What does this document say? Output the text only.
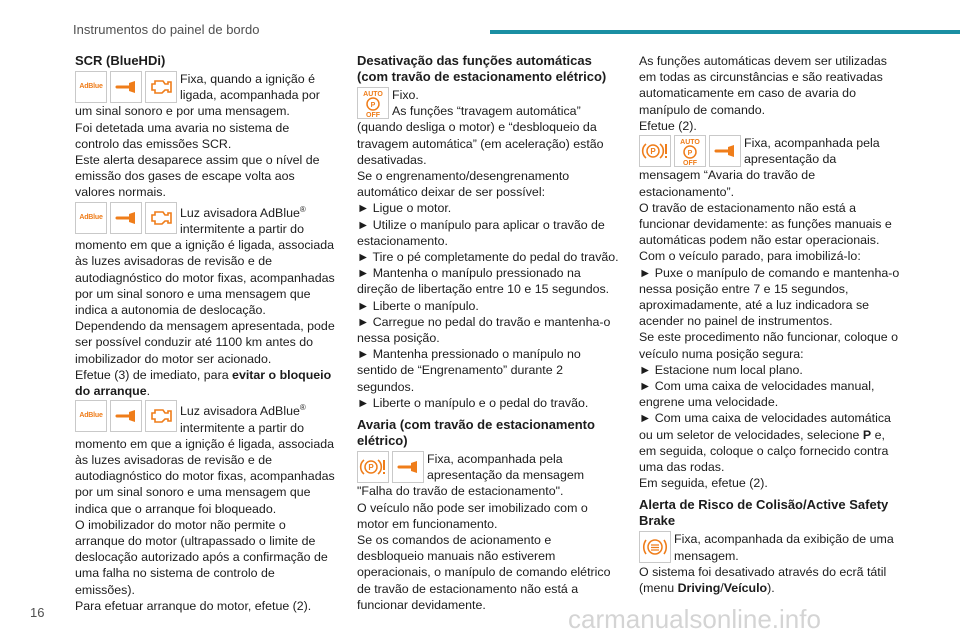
Instrumentos do painel de bordo
SCR (BlueHDi)
AdBlue
Fixa, quando a ignição é ligada, acompanhada por

um sinal sonoro e por uma mensagem.

Foi detetada uma avaria no sistema de controlo das emissões SCR.

Este alerta desaparece assim que o nível de emissão dos gases de escape volta aos valores normais.

AdBlue	Luz avisadora AdBlue® intermitente a partir do

momento em que a ignição é ligada, associada às luzes avisadoras de revisão e de autodiagnóstico do motor fixas, acompanhadas por um sinal sonoro e uma mensagem que indica a autonomia de deslocação.

Dependendo da mensagem apresentada, pode ser possível conduzir até 1100 km antes do imobilizador do motor ser acionado.

Efetue (3) de imediato, para evitar o bloqueio do arranque.

AdBlue	Luz avisadora AdBlue® intermitente a partir do

momento em que a ignição é ligada, associada às luzes avisadoras de revisão e de autodiagnóstico do motor fixas, acompanhadas por um sinal sonoro e uma mensagem que indica que o arranque foi bloqueado.

O imobilizador do motor não permite o arranque do motor (ultrapassado o limite de deslocação autorizado após a confirmação de uma falha no sistema de controlo de emissões).

Para efetuar arranque do motor, efetue (2).

Desativação das funções automáticas (com travão de estacionamento elétrico)
AUTO
P
OFF

Fixo.

As funções “travagem automática”

(quando desliga o motor) e “desbloqueio da travagem automática” (em aceleração) estão desativadas.

Se o engrenamento/desengrenamento automático deixar de ser possível:

► Ligue o motor.

► Utilize o manípulo para aplicar o travão de estacionamento.

► Tire o pé completamente do pedal do travão.

► Mantenha o manípulo pressionado na direção de libertação entre 10 e 15 segundos.

► Liberte o manípulo.

► Carregue no pedal do travão e mantenha-o nessa posição.

► Mantenha pressionado o manípulo no sentido de “Engrenamento” durante 2 segundos.

► Liberte o manípulo e o pedal do travão.

Avaria (com travão de estacionamento elétrico)
P
Fixa, acompanhada pela apresentação da mensagem

"Falha do travão de estacionamento".

O veículo não pode ser imobilizado com o motor em funcionamento.

Se os comandos de acionamento e desbloqueio manuais não estiverem operacionais, o manípulo de comando elétrico de travão de estacionamento não está a funcionar devidamente.

As funções automáticas devem ser utilizadas em todas as circunstâncias e são reativadas automaticamente em caso de avaria do manípulo de comando.

Efetue (2).

P
AUTO
P
OFF
Fixa, acompanhada pela apresentação da

mensagem “Avaria do travão de estacionamento”.

O travão de estacionamento não está a funcionar devidamente: as funções manuais e automáticas podem não estar operacionais.

Com o veículo parado, para imobilizá-lo:

► Puxe o manípulo de comando e mantenha-o nessa posição entre 7 e 15 segundos, aproximadamente, até a luz indicadora se acender no painel de instrumentos.

Se este procedimento não funcionar, coloque o veículo numa posição segura:

► Estacione num local plano.

► Com uma caixa de velocidades manual, engrene uma velocidade.

► Com uma caixa de velocidades automática ou um seletor de velocidades, selecione P e, em seguida, coloque o calço fornecido contra uma das rodas.

Em seguida, efetue (2).

Alerta de Risco de Colisão/Active Safety Brake
Fixa, acompanhada da exibição de uma mensagem.

O sistema foi desativado através do ecrã tátil (menu Driving/Veículo).

16	carmanualsonline.info
